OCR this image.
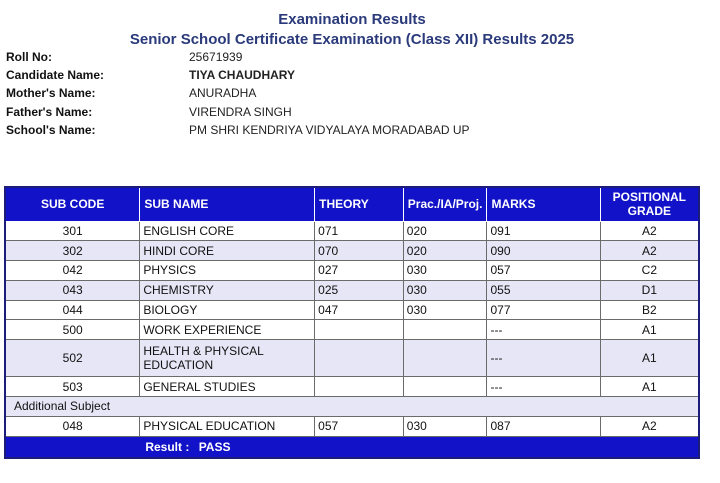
Examination Results
Senior School Certificate Examination (Class XII) Results 2025
Roll No:	25671939
Candidate Name:	TIYA CHAUDHARY
Mother's Name:	ANURADHA
Father's Name:	VIRENDRA SINGH
School's Name:	PM SHRI KENDRIYA VIDYALAYA MORADABAD UP
SUB CODE	SUB NAME	THEORY	Prac./IA/Proj.	MARKS	POSITIONAL
GRADE
301	ENGLISH CORE	071	020	091	A2
302	HINDI CORE	070	020	090	A2
042	PHYSICS	027	030	057	C2
043	CHEMISTRY	025	030	055	D1
044	BIOLOGY	047	030	077	B2
500	WORK EXPERIENCE			---	A1
502	HEALTH & PHYSICAL EDUCATION			---	A1
503	GENERAL STUDIES			---	A1
Additional Subject					
048	PHYSICAL EDUCATION	057	030	087	A2
	Result : PASS				
